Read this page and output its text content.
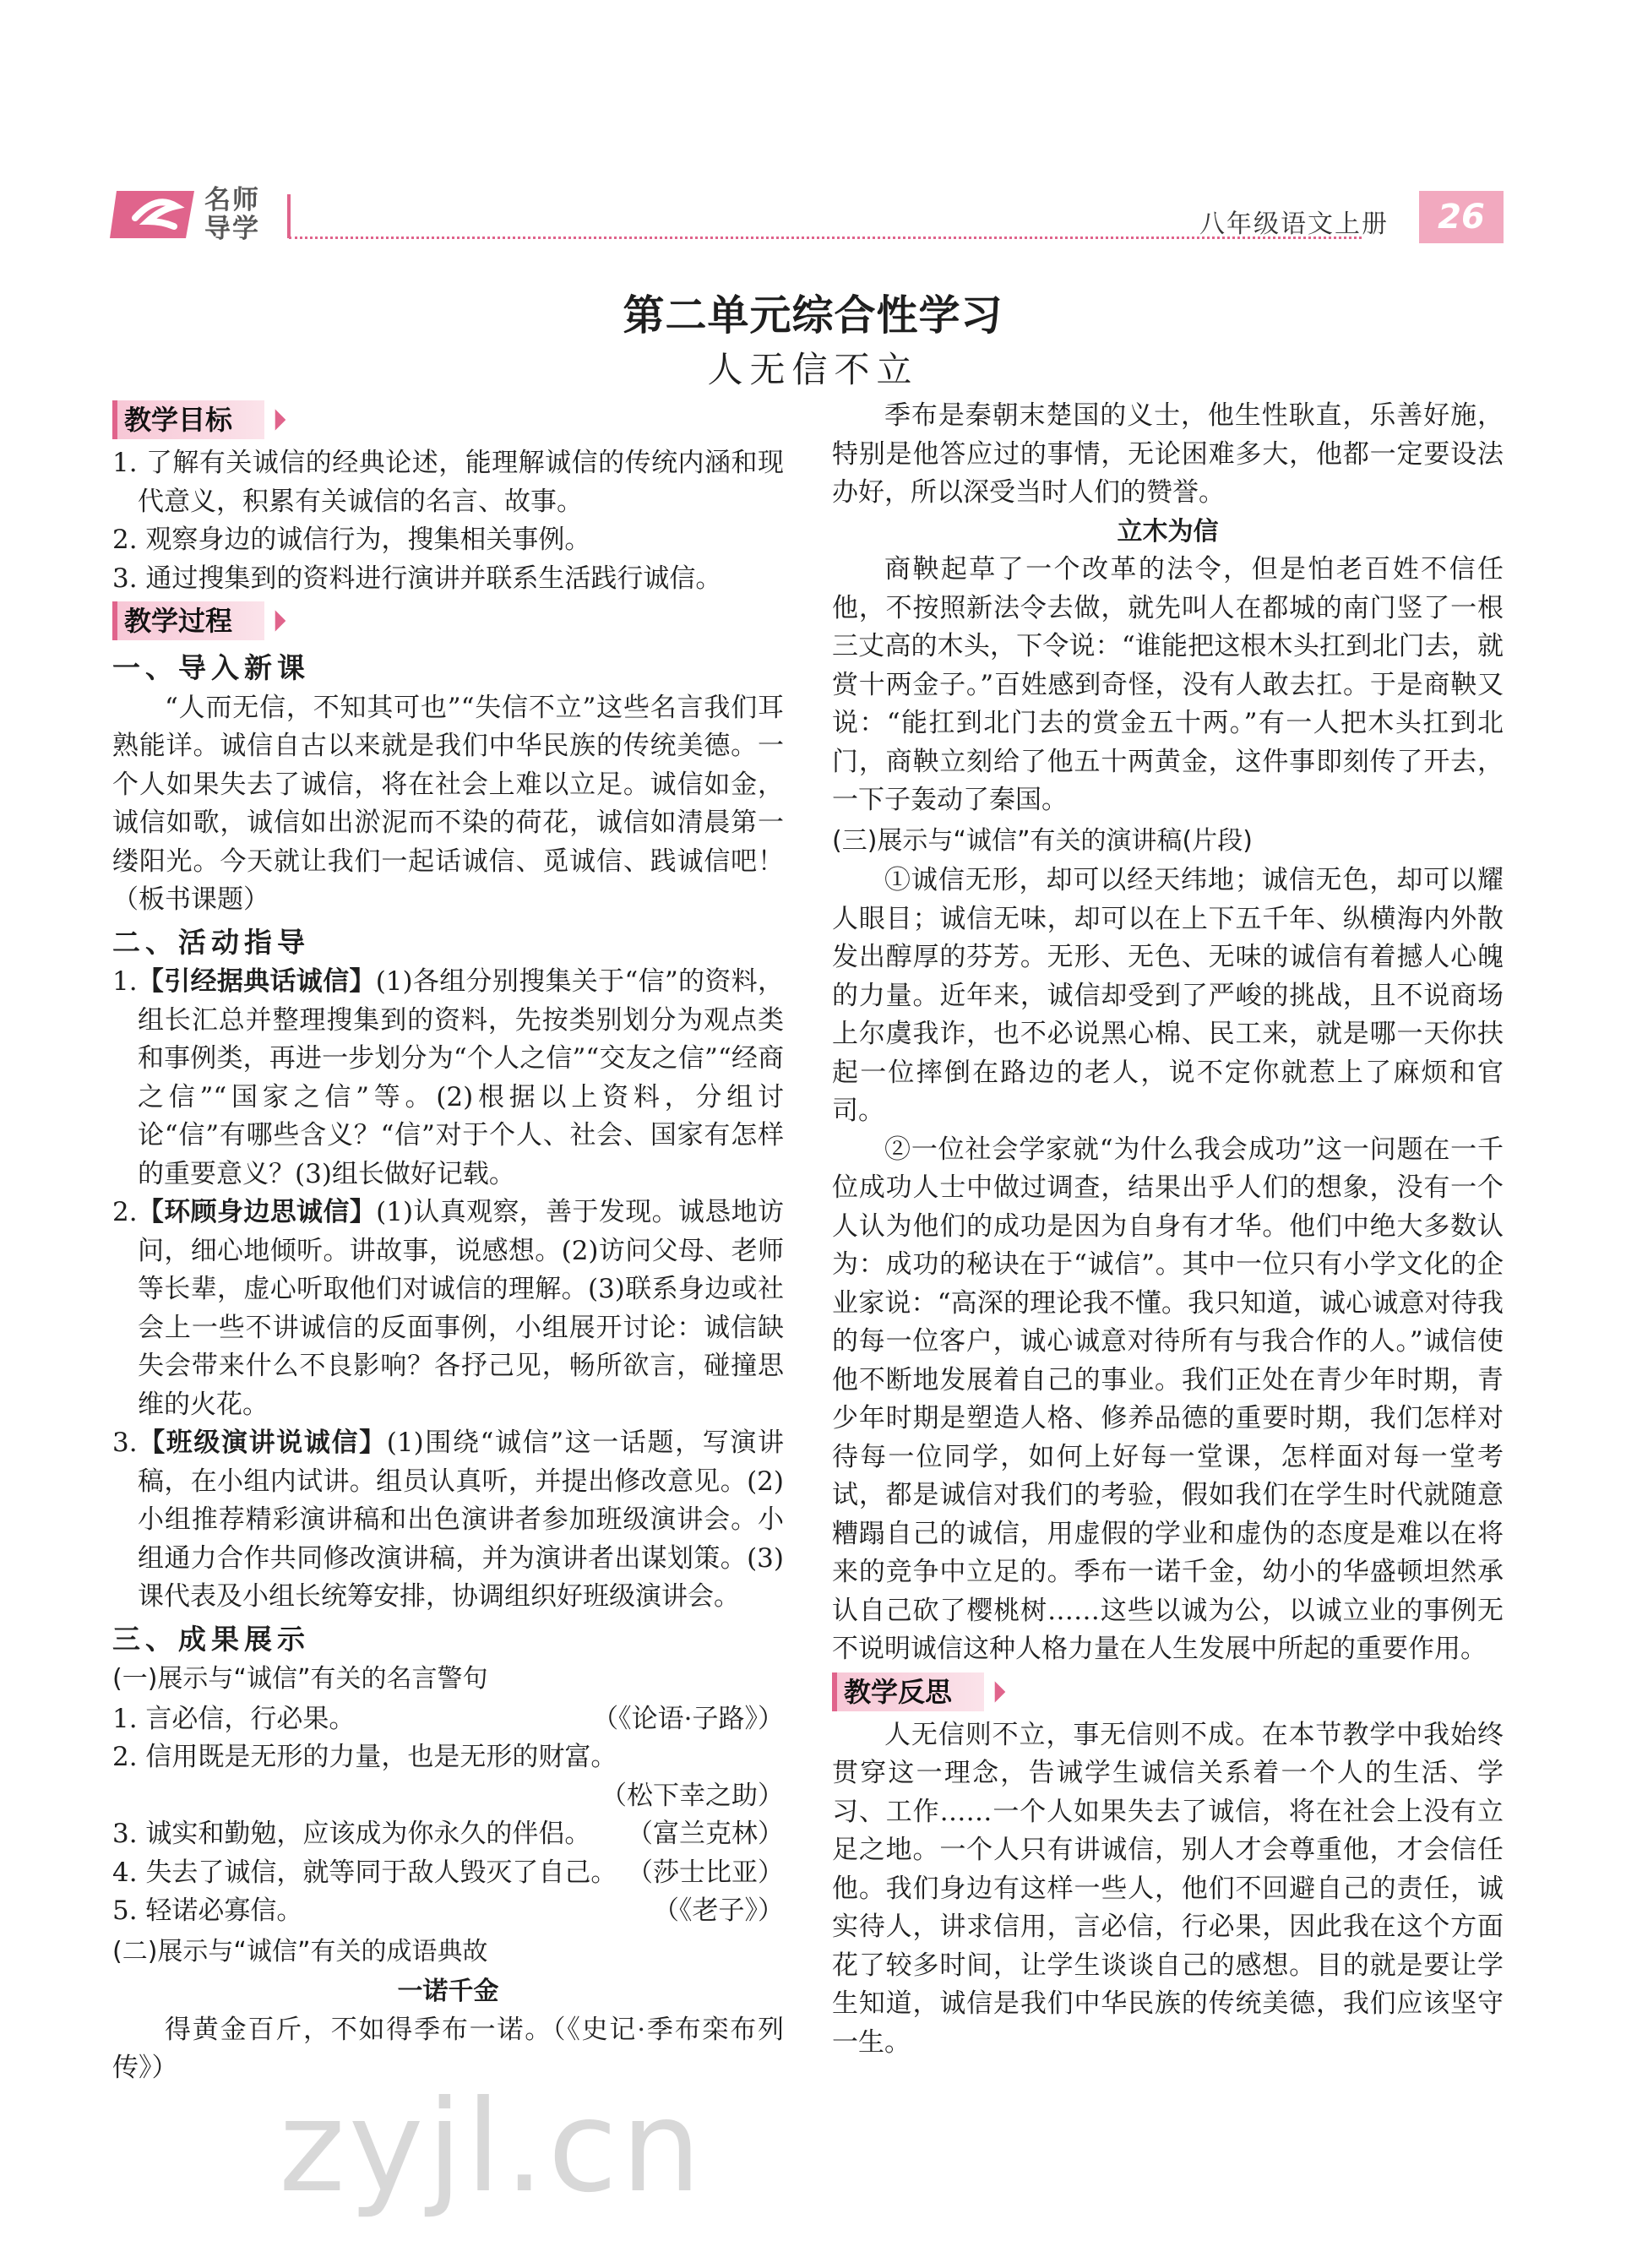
名师
导学	八年级语文上册	26
第二单元综合性学习
人无信不立
教学目标

1. 了解有关诚信的经典论述，能理解诚信的传统内涵和现代意义，积累有关诚信的名言、故事。

2. 观察身边的诚信行为，搜集相关事例。

3. 通过搜集到的资料进行演讲并联系生活践行诚信。

教学过程
一、导入新课

“人而无信，不知其可也”“失信不立”这些名言我们耳熟能详。诚信自古以来就是我们中华民族的传统美德。一个人如果失去了诚信，将在社会上难以立足。诚信如金，诚信如歌，诚信如出淤泥而不染的荷花，诚信如清晨第一缕阳光。今天就让我们一起话诚信、觅诚信、践诚信吧！（板书课题）

二、活动指导

1.【引经据典话诚信】(1)各组分别搜集关于“信”的资料，组长汇总并整理搜集到的资料，先按类别划分为观点类和事例类，再进一步划分为“个人之信”“交友之信”“经商之信”“国家之信”等。(2)根据以上资料，分组讨论“信”有哪些含义？“信”对于个人、社会、国家有怎样的重要意义？(3)组长做好记载。

2.【环顾身边思诚信】(1)认真观察，善于发现。诚恳地访问，细心地倾听。讲故事，说感想。(2)访问父母、老师等长辈，虚心听取他们对诚信的理解。(3)联系身边或社会上一些不讲诚信的反面事例，小组展开讨论：诚信缺失会带来什么不良影响？各抒己见，畅所欲言，碰撞思维的火花。

3.【班级演讲说诚信】(1)围绕“诚信”这一话题，写演讲稿，在小组内试讲。组员认真听，并提出修改意见。(2)小组推荐精彩演讲稿和出色演讲者参加班级演讲会。小组通力合作共同修改演讲稿，并为演讲者出谋划策。(3)课代表及小组长统筹安排，协调组织好班级演讲会。

三、成果展示
(一)展示与“诚信”有关的名言警句

1. 言必信，行必果。	（《论语·子路》）

2. 信用既是无形的力量，也是无形的财富。

（松下幸之助）

3. 诚实和勤勉，应该成为你永久的伴侣。 （富兰克林）

4. 失去了诚信，就等同于敌人毁灭了自己。 （莎士比亚）

5. 轻诺必寡信。	（《老子》）

(二)展示与“诚信”有关的成语典故

一诺千金

得黄金百斤，不如得季布一诺。（《史记·季布栾布列传》）

季布是秦朝末楚国的义士，他生性耿直，乐善好施，特别是他答应过的事情，无论困难多大，他都一定要设法办好，所以深受当时人们的赞誉。

立木为信

商鞅起草了一个改革的法令，但是怕老百姓不信任他，不按照新法令去做，就先叫人在都城的南门竖了一根三丈高的木头，下令说：“谁能把这根木头扛到北门去，就赏十两金子。”百姓感到奇怪，没有人敢去扛。于是商鞅又说：“能扛到北门去的赏金五十两。”有一人把木头扛到北门，商鞅立刻给了他五十两黄金，这件事即刻传了开去，一下子轰动了秦国。

(三)展示与“诚信”有关的演讲稿(片段)

①诚信无形，却可以经天纬地；诚信无色，却可以耀人眼目；诚信无味，却可以在上下五千年、纵横海内外散发出醇厚的芬芳。无形、无色、无味的诚信有着撼人心魄的力量。近年来，诚信却受到了严峻的挑战，且不说商场上尔虞我诈，也不必说黑心棉、民工来，就是哪一天你扶起一位摔倒在路边的老人，说不定你就惹上了麻烦和官司。

②一位社会学家就“为什么我会成功”这一问题在一千位成功人士中做过调查，结果出乎人们的想象，没有一个人认为他们的成功是因为自身有才华。他们中绝大多数认为：成功的秘诀在于“诚信”。其中一位只有小学文化的企业家说：“高深的理论我不懂。我只知道，诚心诚意对待我的每一位客户，诚心诚意对待所有与我合作的人。”诚信使他不断地发展着自己的事业。我们正处在青少年时期，青少年时期是塑造人格、修养品德的重要时期，我们怎样对待每一位同学，如何上好每一堂课，怎样面对每一堂考试，都是诚信对我们的考验，假如我们在学生时代就随意糟蹋自己的诚信，用虚假的学业和虚伪的态度是难以在将来的竞争中立足的。季布一诺千金，幼小的华盛顿坦然承认自己砍了樱桃树……这些以诚为公，以诚立业的事例无不说明诚信这种人格力量在人生发展中所起的重要作用。

教学反思

人无信则不立，事无信则不成。在本节教学中我始终贯穿这一理念，告诫学生诚信关系着一个人的生活、学习、工作……一个人如果失去了诚信，将在社会上没有立足之地。一个人只有讲诚信，别人才会尊重他，才会信任他。我们身边有这样一些人，他们不回避自己的责任，诚实待人，讲求信用，言必信，行必果，因此我在这个方面花了较多时间，让学生谈谈自己的感想。目的就是要让学生知道，诚信是我们中华民族的传统美德，我们应该坚守一生。

zyjl.cn
